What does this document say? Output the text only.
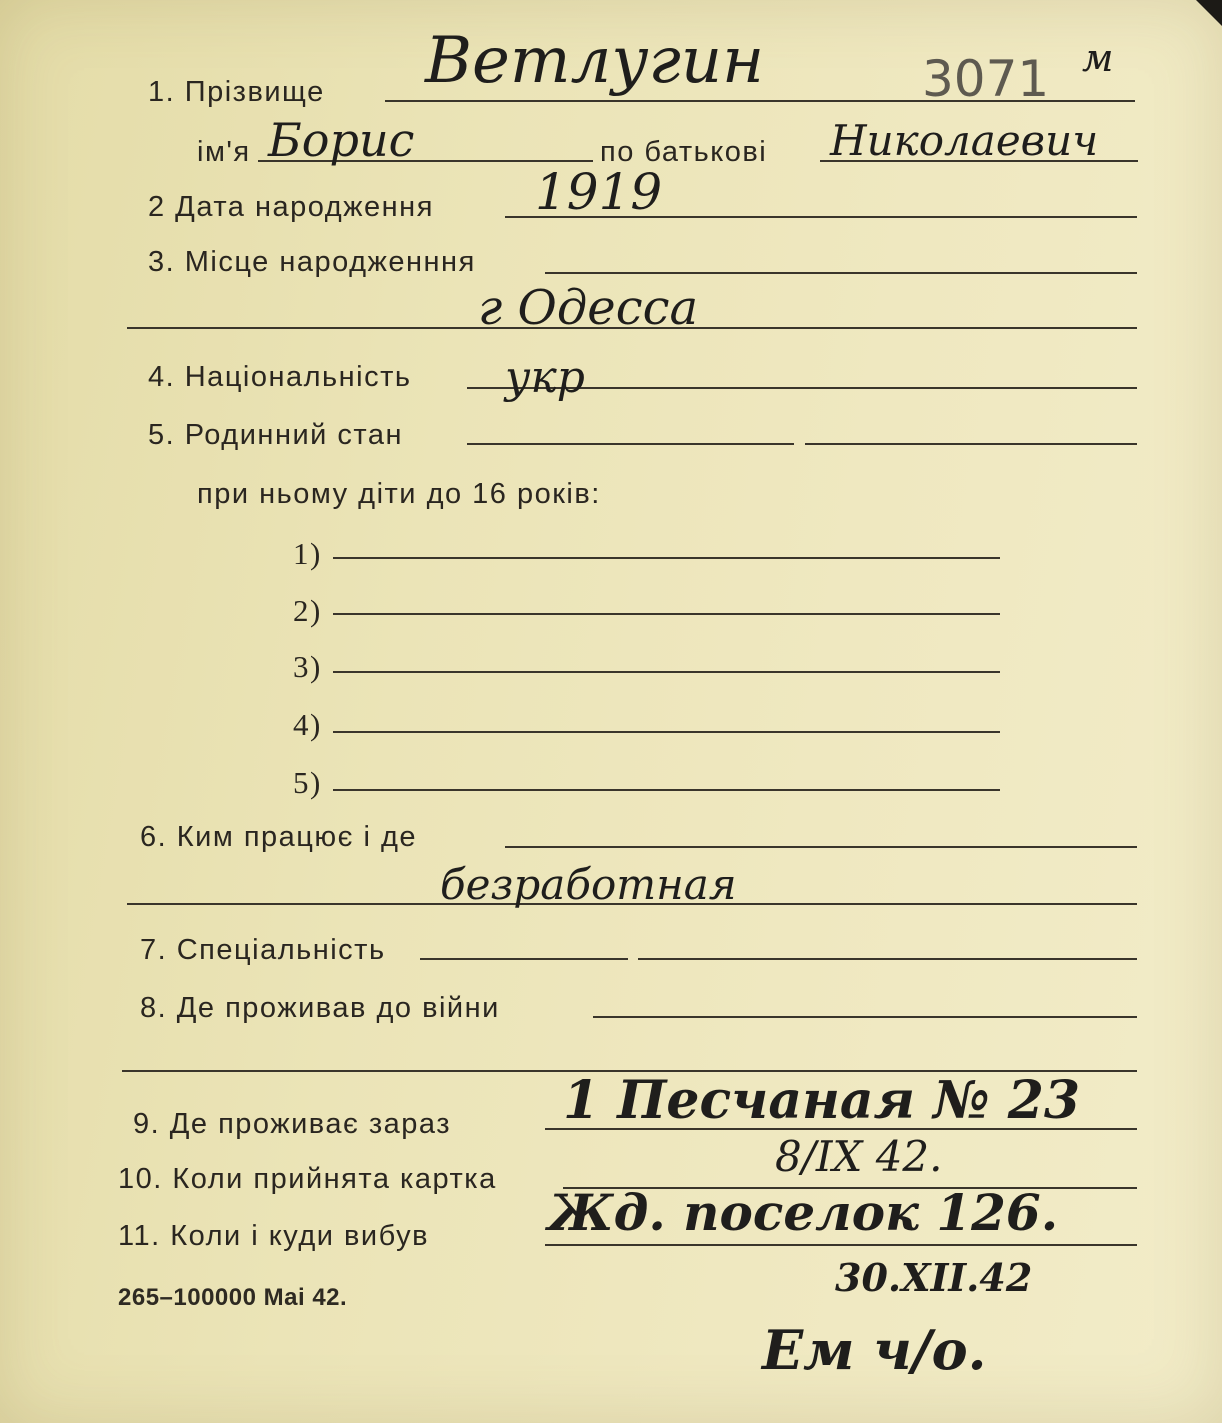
1. Прізвище Ветлугин	3071 м
ім'я Борис	по батькові Николаевич
2 Дата народження 1919
3. Місце народженння
г Одесса
4. Національність укр
5. Родинний стан
при ньому діти до 16 років:
1)
2)
3)
4)
5)
6. Ким працює і де
безработная
7. Спеціальність
8. Де проживав до війни
9. Де проживає зараз 1 Песчаная № 23
10. Коли прийнята картка	8/IX 42.
11. Коли і куди вибув Жд. поселок 126.
30.XII.42
265–100000 Mai 42.
Ем ч/о.
